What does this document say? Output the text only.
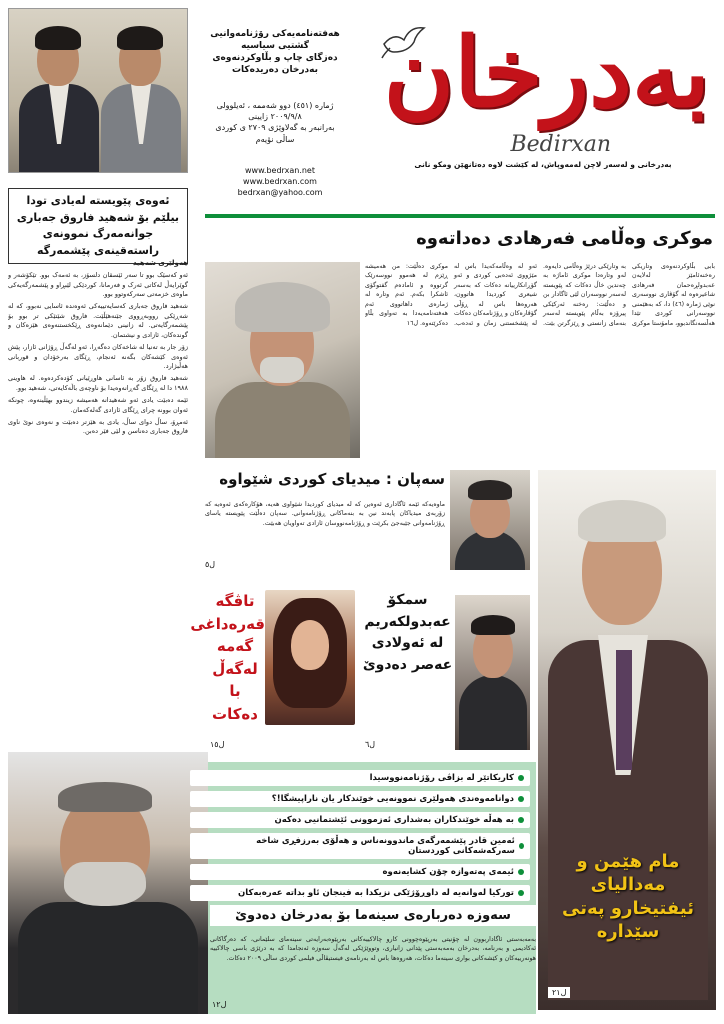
هەفتەنامەیەکی رۆژنامەوانیی
گشتیی سیاسیە
دەزگای چاپ و بڵاوکردنەوەی
بەدرخان دەریدەکات
ژمارە (٤٥١) دوو شەممە ، ئەیلوولی ٢٠٠٩/٩/٨ زایینی
بەرانبەر بە گەلاوێژی ٢٧٠٩ ی کوردی
ساڵی نۆیەم
www.bedrxan.net
www.bedrxan.com
bedrxan@yahoo.com
بەدرخان
Bedirxan
بەدرخانی و لەسەر لاچن لەمەوپاش، لە کێشت لاوە دەتانهێن ومکو نانی
ئەوەی پێویستە لەیادی تودا بیلێم بۆ شەهید فاروق جەباری جوانەمەرگ نموونەی راستەقینەی پێشمەرگە
هەولێری شەهید

ئەو کەسێک بوو تا سەر ئێسقان دلسۆز، بە ئەمەک بوو. تێکۆشەر و گوێرایەڵ لەکاتی ئەرک و فەرمانا، کوردێکی لێبڕاو و پێشمەرگەیەکی ماوەی خزمەتی سەرکەوتوو بوو.

شەهید فاروق جەباری کەسایەتییەکی ئەوەندە ئاسایی نەبوو، کە لە شەڕێکی رووبەڕووی جێنەهێڵێت. فاروق شێتێکی تر بوو بۆ پێشمەرگایەتی. لە زانینی دێمانەوەی ڕێکخستنەوەی هێزەکان و گوندەکان، ئازادی و نیشتمان.

زۆر جار بە تەنیا لە شاخەکان دەگەڕا، ئەو لەگەڵ ڕۆژانی ئازار، پێش ئەوەی کێشەکان بگەنە ئەنجام، ڕێگای بەرخۆدان و قوربانی هەڵبژارد.

شەهید فاروق زۆر بە ئاسانی هاوڕێیانی کۆدەکردەوە. لە هاوینی ١٩٨٨ دا لە ڕێگای گەڕانەوەیدا بۆ ناوچەی باڵەکایەتی، شەهید بوو.

ئێمە دەبێت یادی ئەو شەهیدانە هەمیشە زیندوو بهێڵینەوە، چونکە ئەوان بوونە چرای ڕێگای ئازادی گەلەکەمان.

ئەمڕۆ، ساڵ دوای ساڵ، یادی بە هێزتر دەبێت و نەوەی نوێ ناوی فاروق جەباری دەناسن و لێی فێر دەبن.

موکری وەڵامی فەرهادی دەداتەوە
بابی بڵاوکردنەوەی وتاریکی رەخنەئامێز لەلایەن عەبدولڕەحمان فەرهادی شاعیرەوە لە گۆڤاری نووسەری نوێی ژمارە (٤٦) دا، کە بەهێمنی نووسەرانی کوردی تێدا هەڵسەنگاندبوو، مامۆستا موکری بە وتارێکی درێژ وەڵامی دایەوە. لەو وتارەدا موکری ئاماژە بە چەندین خاڵ دەکات کە پێویستە لەسەر نووسەران لێی ئاگادار بن و دەڵێت: رەخنە ئەرکێکی پیرۆزە بەڵام پێویستە لەسەر بنەمای زانستی و ڕێزگرتن بێت. ئەو لە وەڵامەکەیدا باس لە مێژووی ئەدەبی کوردی و ئەو گۆڕانکارییانە دەکات کە بەسەر شیعری کوردیدا هاتوون، هەروەها باس لە ڕۆڵی گۆڤارەکان و ڕۆژنامەکان دەکات لە پێشخستنی زمان و ئەدەب. موکری دەڵێت: من هەمیشە ڕێزم لە هەموو نووسەرێک گرتووە و ئامادەم گفتوگۆی ئاشکرا بکەم. ئەم وتارە لە ژمارەی داهاتووی ئەم هەفتەنامەیەدا بە تەواوی بڵاو دەکرێتەوە. ل١٦
سەپان : میدیای کوردی شێواوە
ماوەیەکە ئێمە ئاگاداری ئەوەین کە لە میدیای کوردیدا شێواوی هەیە، هۆکارەکەی ئەوەیە کە زۆربەی میدیاکان پابەند نین بە بنەماکانی ڕۆژنامەوانی. سەپان دەڵێت پێویستە یاسای ڕۆژنامەوانی جێبەجێ بکرێت و ڕۆژنامەنووسان ئازادی تەواویان هەبێت.
ل٥
تاڤگە قەرەداغی گەمە لەگەڵ با دەکات
ل١٥
سمکۆ عەبدولکەریم لە ئەولادی عەصر دەدوێ
ل٦
مام هێمن و مەدالیای ئیفتیخارو پەتی سێدارە
ل٢١
کاریکاتێر لە بزاڤی رۆژنامەنووسیدا
دوانامەوەندی هەولێری نموونەیی خوێندکار یان ناراپیشگا!؟
بە هەڵە خوێندکاران بەشداری ئەزموونی ئێشتمانیی دەکەن
ئەمین قادر پێشمەرگەی ماندوونەناس و هەڵۆی بەرزفڕی شاخە سەرکەشەکانی کوردستان
ئیمەی پەتەوازە چۆن کشایەنەوە
تورکیا لەوانەیە لە داوڕۆژێکی نزیکدا بە فینجان ئاو بداتە عەرەبەکان
سەوزە دەربارەی سینەما بۆ بەدرخان دەدوێ
بەمەبەستی ئاگاداربوون لە چۆنیتی بەرپێوەچوونی کارو چالاکییەکانی بەرپێوەبەرایەتی سینەمای سلێمانی، کە دەرگاکانی ئەکادیمی و بەرنامە، بەدرخان بەمەبەستی پێدانی زانیاری، وتووێژێکی لەگەڵ سەوزە ئەنجامدا کە بە درێژی باسی چالاکییە هونەرییەکان و کێشەکانی بواری سینەما دەکات، هەروەها باس لە بەرنامەی فیستیڤاڵی فیلمی کوردی ساڵی ٢٠٠٩ دەکات.
ل١٢
